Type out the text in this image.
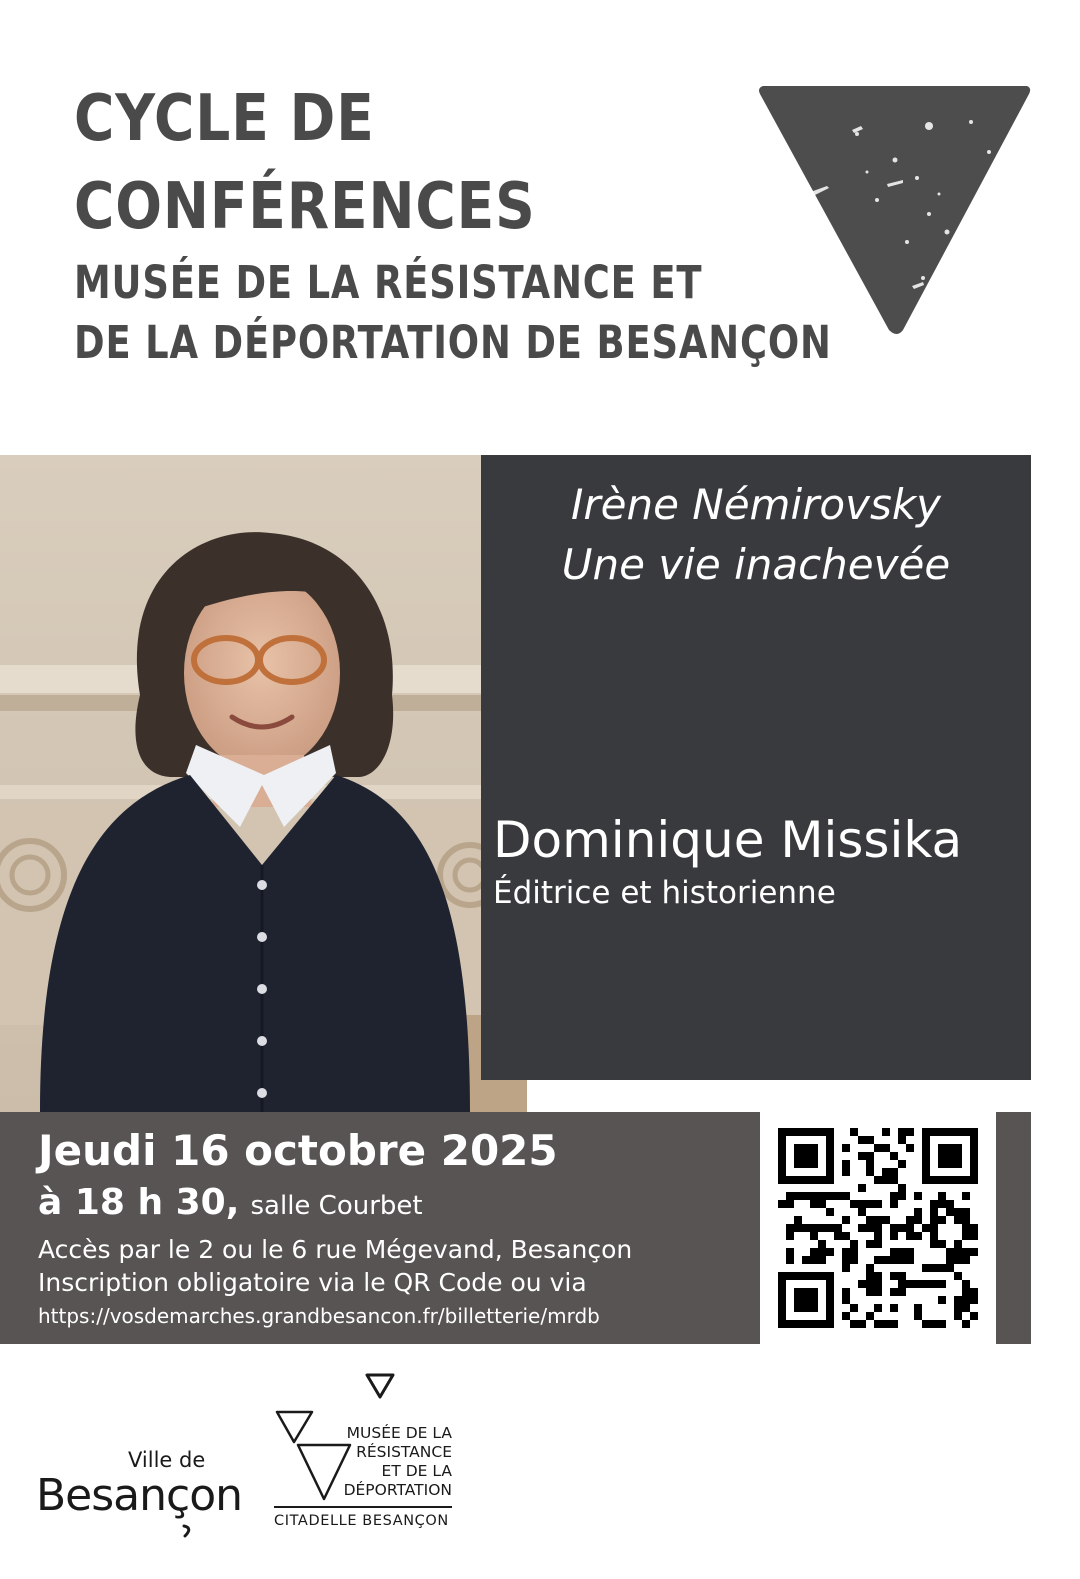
CYCLE DE
CONFÉRENCES
MUSÉE DE LA RÉSISTANCE ET
DE LA DÉPORTATION DE BESANÇON

Irène Némirovsky

Une vie inachevée

Dominique Missika

Éditrice et historienne

Jeudi 16 octobre 2025

à 18 h 30, salle Courbet

Accès par le 2 ou le 6 rue Mégevand, Besançon

Inscription obligatoire via le QR Code ou via

https://vosdemarches.grandbesancon.fr/billetterie/mrdb

Ville de

Besançon

MUSÉE DE LA

RÉSISTANCE

ET DE LA

DÉPORTATION

CITADELLE BESANÇON
